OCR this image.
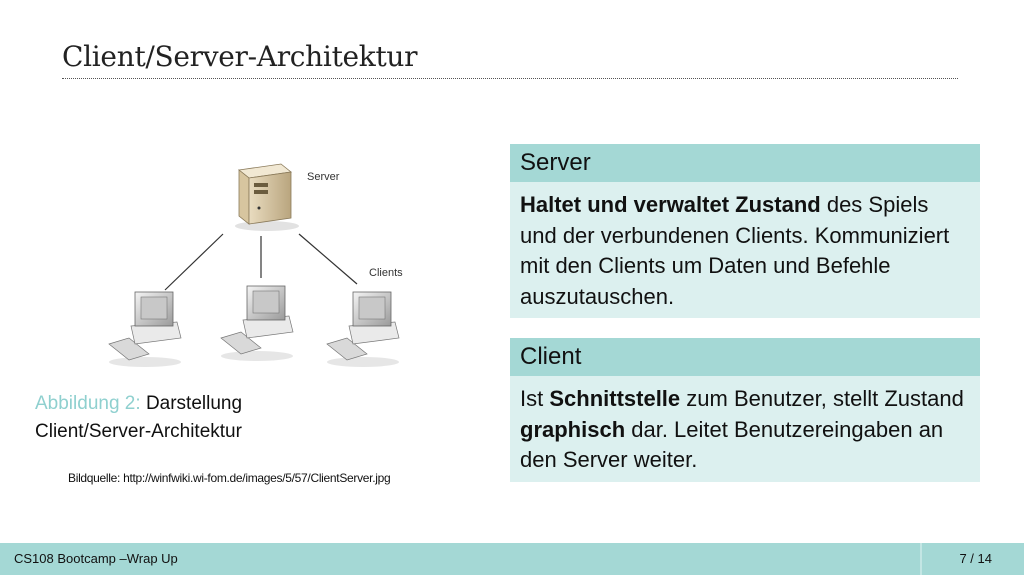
Client/Server-Architektur
Server
Clients
Abbildung 2: Darstellung
Client/Server-Architektur
Bildquelle: http://winfwiki.wi-fom.de/images/5/57/ClientServer.jpg
Server
Haltet und verwaltet Zustand des Spiels und der verbundenen Clients. Kommuniziert mit den Clients um Daten und Befehle auszutauschen.
Client
Ist Schnittstelle zum Benutzer, stellt Zustand graphisch dar. Leitet Benutzereingaben an den Server weiter.
CS108 Bootcamp –Wrap Up	7 / 14
